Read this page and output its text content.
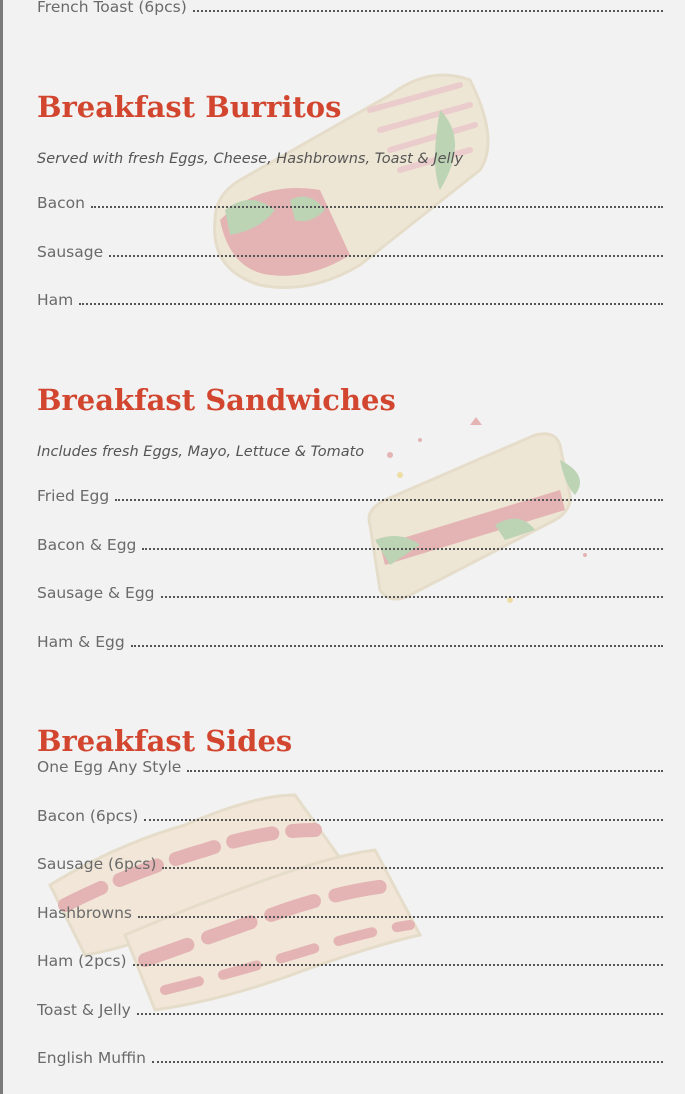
French Toast (6pcs)
Breakfast Burritos

Served with fresh Eggs, Cheese, Hashbrowns, Toast & Jelly

Bacon
Sausage
Ham
Breakfast Sandwiches

Includes fresh Eggs, Mayo, Lettuce & Tomato

Fried Egg
Bacon & Egg
Sausage & Egg
Ham & Egg
One Egg Any Style
Breakfast Sides
Bacon (6pcs)
Sausage (6pcs)
Hashbrowns
Ham (2pcs)
Toast & Jelly
English Muffin
